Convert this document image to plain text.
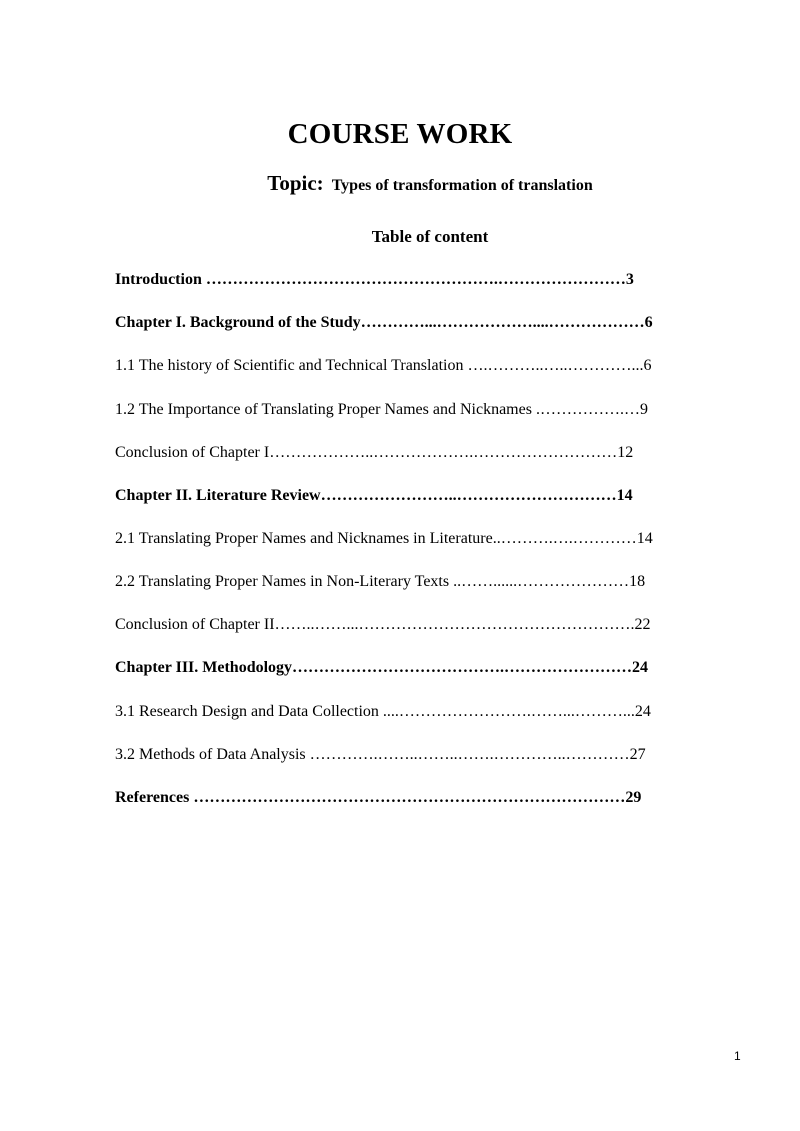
COURSE WORK
Topic: Types of transformation of translation
Table of content
Introduction ……………………………………………….……………………3
Chapter I. Background of the Study…………...………………....………………6
1.1 The history of Scientific and Technical Translation ….………..…..…………...6
1.2 The Importance of Translating Proper Names and Nicknames .…………….…9
Conclusion of Chapter I………………..……………….………………………12
Chapter II. Literature Review……………………..…………………………14
2.1 Translating Proper Names and Nicknames in Literature..……….….…………14
2.2 Translating Proper Names in Non-Literary Texts ..……......…………………18
Conclusion of Chapter II……..……...…………………………………………….22
Chapter III. Methodology………………………………….……………………24
3.1 Research Design and Data Collection ....…………………….……...………...24
3.2 Methods of Data Analysis ………….……..……..…….…………..…………27
References ………………………………………………………………………29
1
